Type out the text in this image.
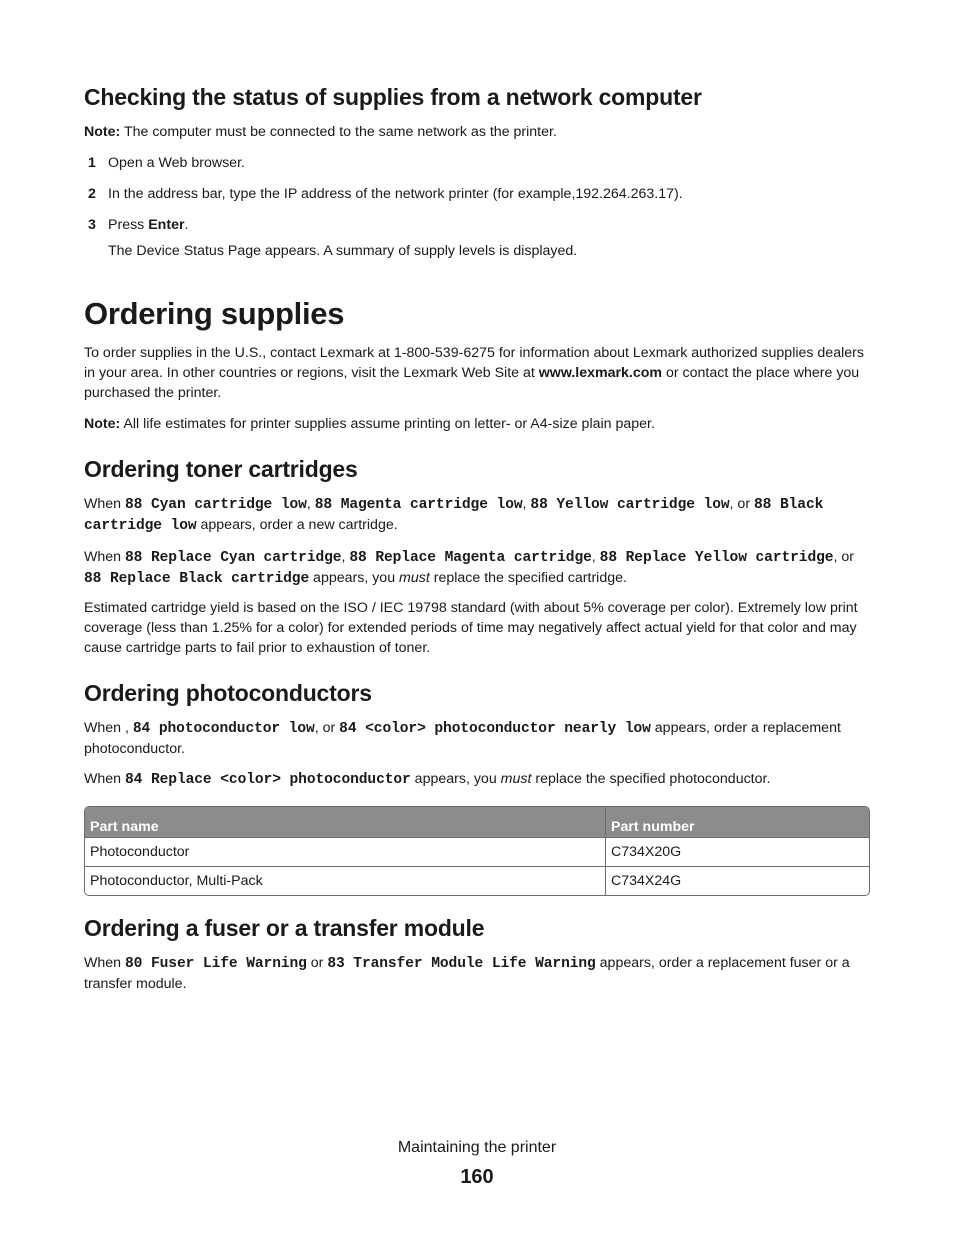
Checking the status of supplies from a network computer

Note: The computer must be connected to the same network as the printer.

1 Open a Web browser.
2 In the address bar, type the IP address of the network printer (for example,192.264.263.17).
3 Press Enter.
The Device Status Page appears. A summary of supply levels is displayed.
Ordering supplies

To order supplies in the U.S., contact Lexmark at 1-800-539-6275 for information about Lexmark authorized supplies dealers in your area. In other countries or regions, visit the Lexmark Web Site at www.lexmark.com or contact the place where you purchased the printer.

Note: All life estimates for printer supplies assume printing on letter- or A4-size plain paper.

Ordering toner cartridges

When 88 Cyan cartridge low, 88 Magenta cartridge low, 88 Yellow cartridge low, or 88 Black cartridge low appears, order a new cartridge.

When 88 Replace Cyan cartridge, 88 Replace Magenta cartridge, 88 Replace Yellow cartridge, or 88 Replace Black cartridge appears, you must replace the specified cartridge.

Estimated cartridge yield is based on the ISO / IEC 19798 standard (with about 5% coverage per color). Extremely low print coverage (less than 1.25% for a color) for extended periods of time may negatively affect actual yield for that color and may cause cartridge parts to fail prior to exhaustion of toner.

Ordering photoconductors

When , 84 photoconductor low, or 84 <color> photoconductor nearly low appears, order a replacement photoconductor.

When 84 Replace <color> photoconductor appears, you must replace the specified photoconductor.

Part name	Part number
Photoconductor	C734X20G
Photoconductor, Multi-Pack	C734X24G
Ordering a fuser or a transfer module

When 80 Fuser Life Warning or 83 Transfer Module Life Warning appears, order a replacement fuser or a transfer module.

Maintaining the printer
160
